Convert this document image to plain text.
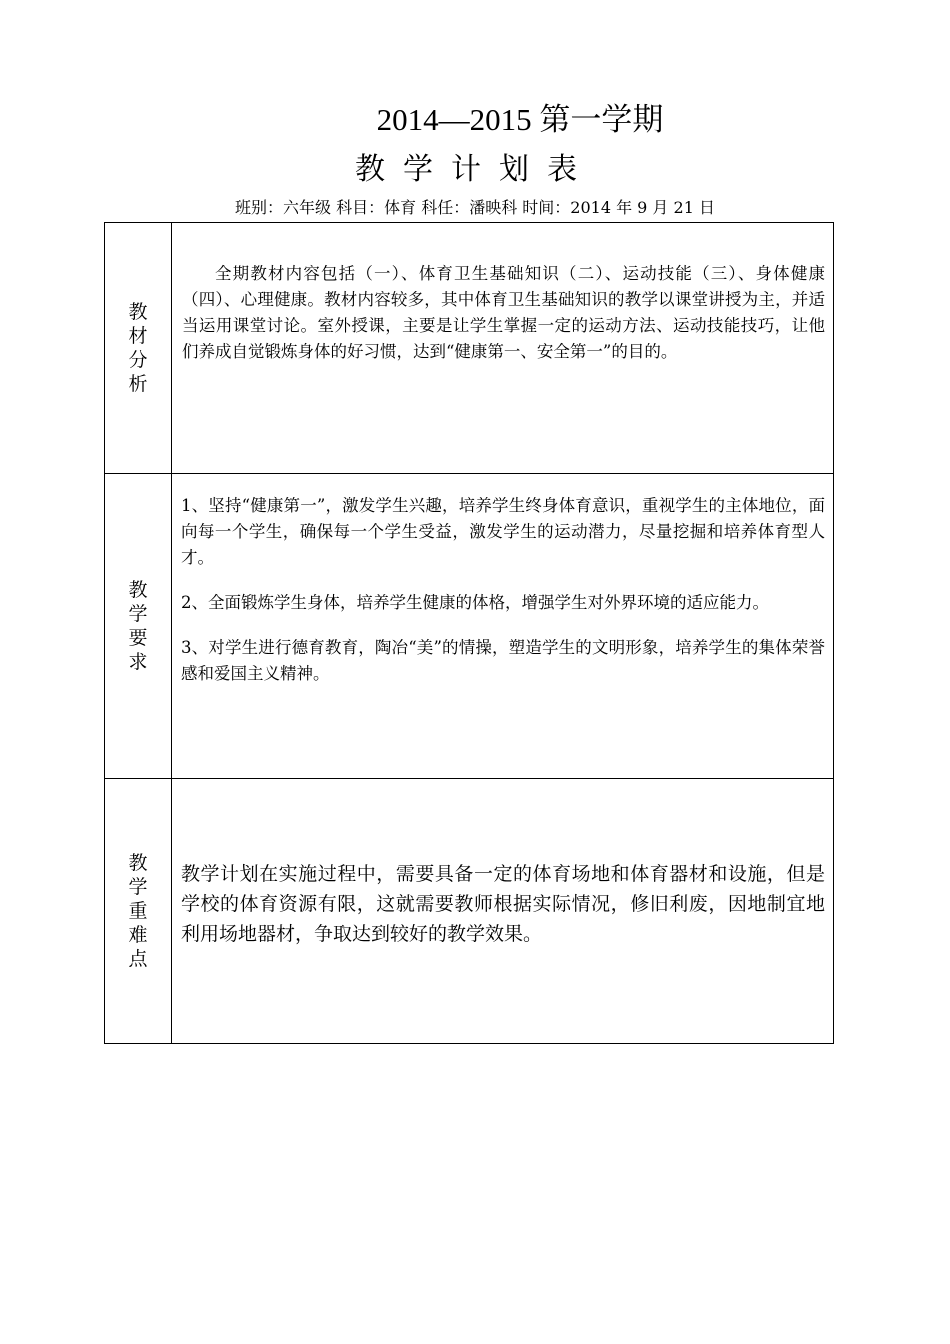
2014—2015 第一学期
教学计划表
班别：六年级 科目：体育 科任：潘映科 时间：2014 年 9 月 21 日
教材分析	全期教材内容包括（一）、体育卫生基础知识（二）、运动技能（三）、身体健康（四）、心理健康。教材内容较多，其中体育卫生基础知识的教学以课堂讲授为主，并适当运用课堂讨论。室外授课，主要是让学生掌握一定的运动方法、运动技能技巧，让他们养成自觉锻炼身体的好习惯，达到“健康第一、安全第一”的目的。

教学要求	1、坚持“健康第一”，激发学生兴趣，培养学生终身体育意识，重视学生的主体地位，面向每一个学生，确保每一个学生受益，激发学生的运动潜力，尽量挖掘和培养体育型人才。

2、全面锻炼学生身体，培养学生健康的体格，增强学生对外界环境的适应能力。

3、对学生进行德育教育，陶冶“美”的情操，塑造学生的文明形象，培养学生的集体荣誉感和爱国主义精神。

教学重难点	教学计划在实施过程中，需要具备一定的体育场地和体育器材和设施，但是学校的体育资源有限，这就需要教师根据实际情况，修旧利废，因地制宜地利用场地器材，争取达到较好的教学效果。
